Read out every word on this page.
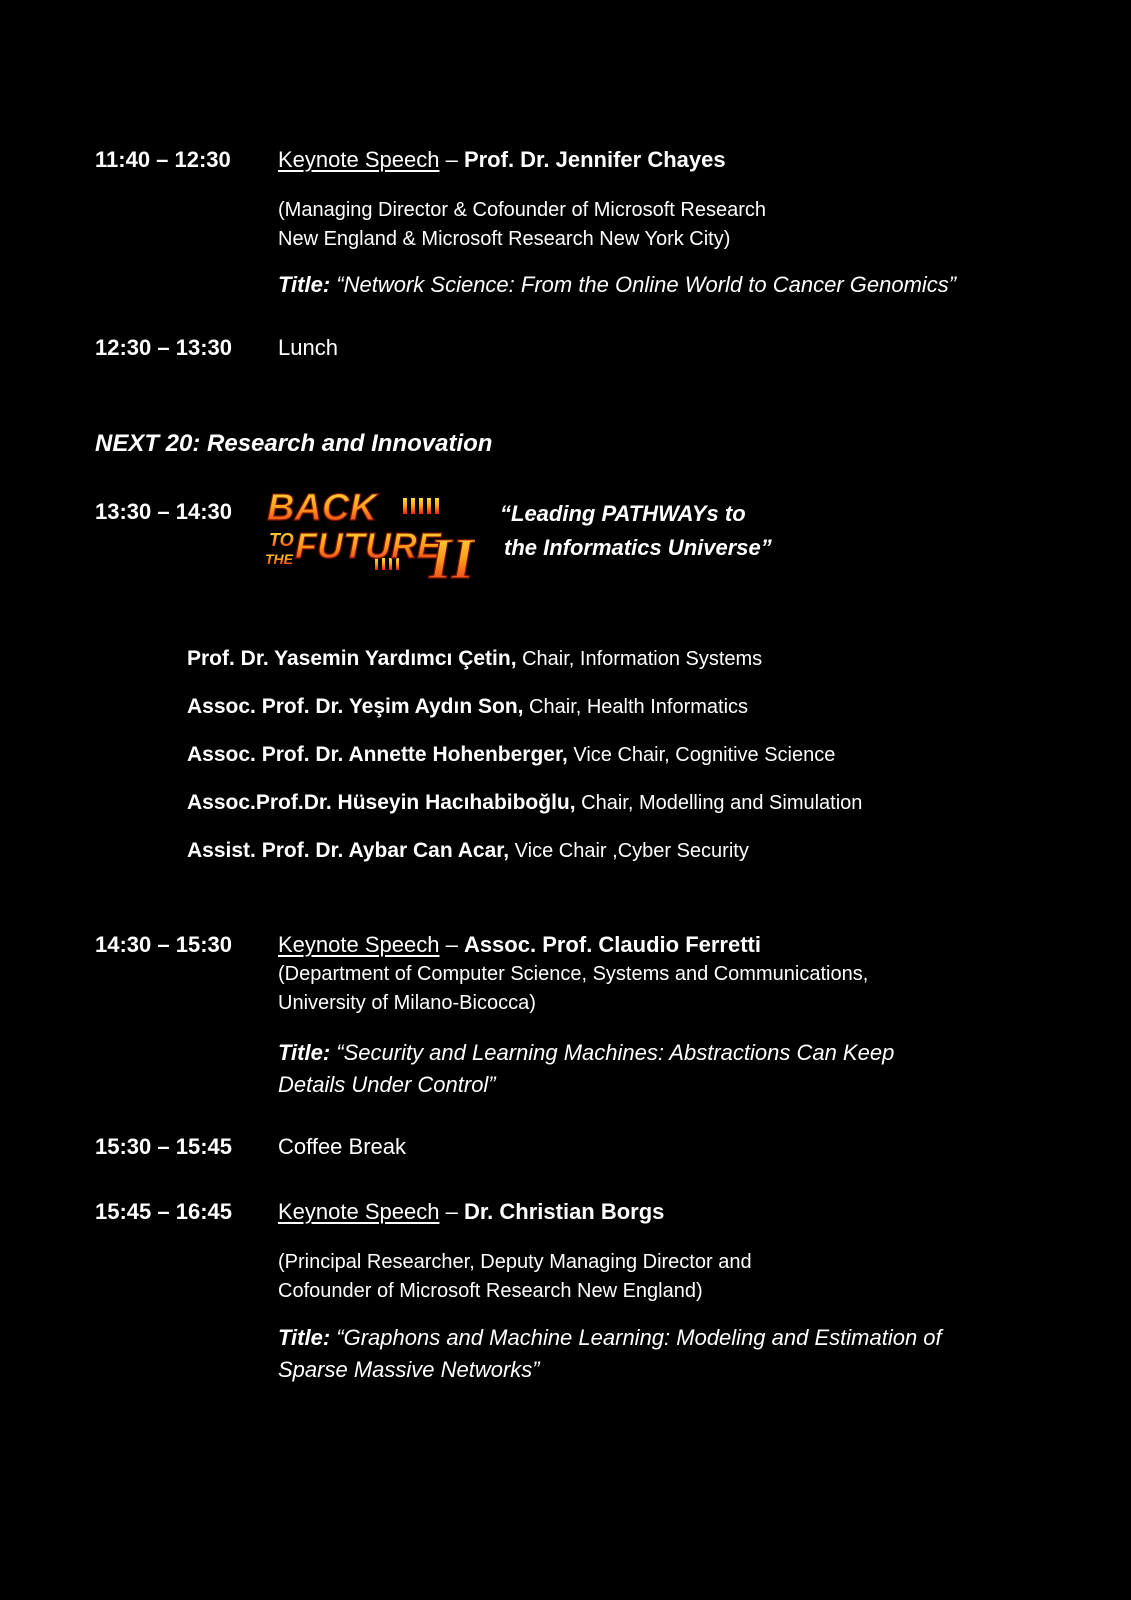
11:40 – 12:30 Keynote Speech – Prof. Dr. Jennifer Chayes
(Managing Director & Cofounder of Microsoft Research
New England & Microsoft Research New York City)
Title: “Network Science: From the Online World to Cancer Genomics”
12:30 – 13:30 Lunch
NEXT 20: Research and Innovation
13:30 – 14:30 BACK
TO
THE FUTURE
II
“Leading PATHWAYs to
the Informatics Universe”
Prof. Dr. Yasemin Yardımcı Çetin, Chair, Information Systems
Assoc. Prof. Dr. Yeşim Aydın Son, Chair, Health Informatics
Assoc. Prof. Dr. Annette Hohenberger, Vice Chair, Cognitive Science
Assoc.Prof.Dr. Hüseyin Hacıhabiboğlu, Chair, Modelling and Simulation
Assist. Prof. Dr. Aybar Can Acar, Vice Chair ,Cyber Security
14:30 – 15:30 Keynote Speech – Assoc. Prof. Claudio Ferretti
(Department of Computer Science, Systems and Communications,
University of Milano-Bicocca)
Title: “Security and Learning Machines: Abstractions Can Keep
Details Under Control”
15:30 – 15:45 Coffee Break
15:45 – 16:45 Keynote Speech – Dr. Christian Borgs
(Principal Researcher, Deputy Managing Director and
Cofounder of Microsoft Research New England)
Title: “Graphons and Machine Learning: Modeling and Estimation of
Sparse Massive Networks”
